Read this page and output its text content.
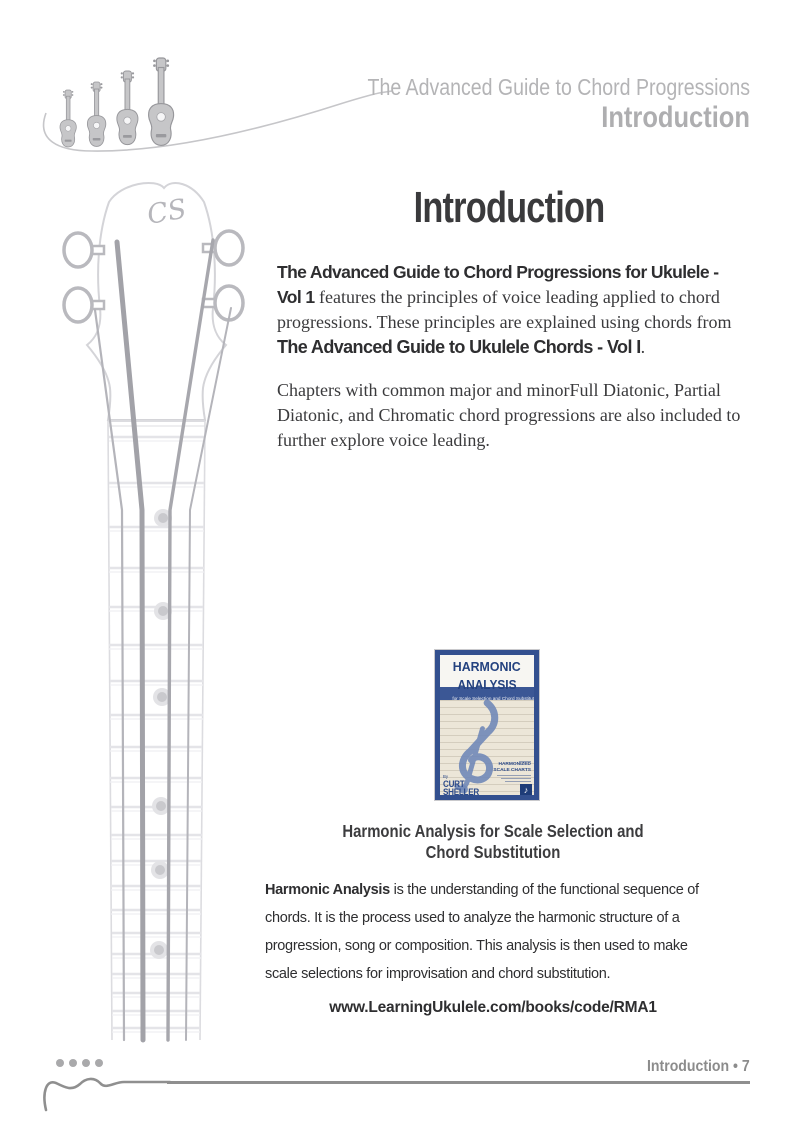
The Advanced Guide to Chord Progressions
Introduction
CS	Introduction

The Advanced Guide to Chord Progressions for Ukulele - Vol 1 features the principles of voice leading applied to chord progressions. These principles are explained using chords from The Advanced Guide to Ukulele Chords - Vol I.

Chapters with common major and minorFull Diatonic, Partial Diatonic, and Chromatic chord progressions are also included to further explore voice leading.

HARMONIC
ANALYSIS
By
CURT
SHELLER
HARMONIZED
SCALE CHARTS
♪
Harmonic Analysis for Scale Selection and
Chord Substitution

Harmonic Analysis is the understanding of the functional sequence of chords. It is the process used to analyze the harmonic structure of a progression, song or composition. This analysis is then used to make scale selections for improvisation and chord substitution.

www.LearningUkulele.com/books/code/RMA1
Introduction • 7
